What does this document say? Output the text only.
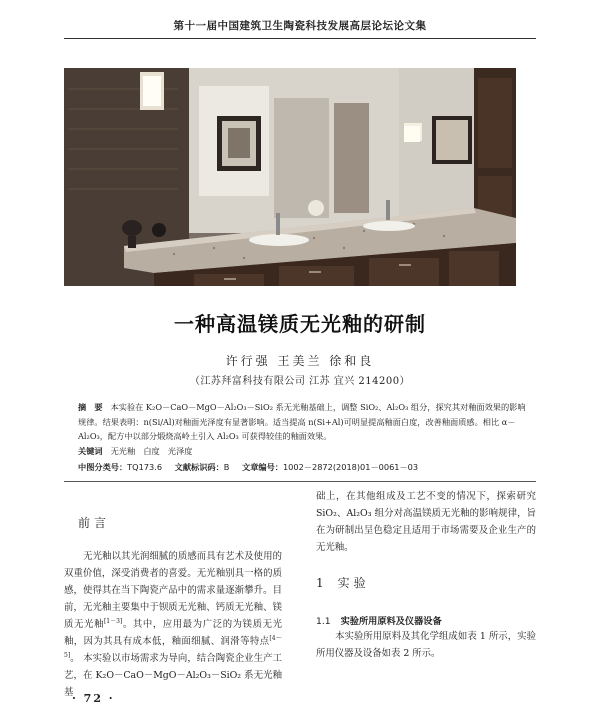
第十一届中国建筑卫生陶瓷科技发展高层论坛论文集
一种高温镁质无光釉的研制
许行强 王美兰 徐和良
（江苏拜富科技有限公司 江苏 宜兴 214200）
摘　要 本实验在 K₂O－CaO－MgO－Al₂O₃－SiO₂ 系无光釉基础上，调整 SiO₂、Al₂O₃ 组分，探究其对釉面效果的影响规律。结果表明：n(Si/Al)对釉面光泽度有显著影响。适当提高 n(Si+Al)可明显提高釉面白度，改善釉面质感。相比 α－Al₂O₃，配方中以部分煅烧高岭土引入 Al₂O₃ 可获得较佳的釉面效果。
关键词 无光釉　白度　光泽度
中图分类号：TQ173.6 文献标识码：B 文章编号：1002－2872(2018)01－0061－03
前言
无光釉以其光润细腻的质感而具有艺术及使用的双重价值，深受消费者的喜爱。无光釉别具一格的质感，使得其在当下陶瓷产品中的需求量逐渐攀升。目前，无光釉主要集中于钡质无光釉、钙质无光釉、镁质无光釉[1－3]。其中，应用最为广泛的为镁质无光釉，因为其具有成本低，釉面细腻、润滑等特点[4～5]。 本实验以市场需求为导向，结合陶瓷企业生产工艺，在 K₂O－CaO－MgO－Al₂O₃－SiO₂ 系无光釉基
础上，在其他组成及工艺不变的情况下，探索研究SiO₂、Al₂O₃ 组分对高温镁质无光釉的影响规律，旨在为研制出呈色稳定且适用于市场需要及企业生产的无光釉。
1 实验
1.1 实验所用原料及仪器设备
本实验所用原料及其化学组成如表 1 所示，实验所用仪器及设备如表 2 所示。
· 72 ·
